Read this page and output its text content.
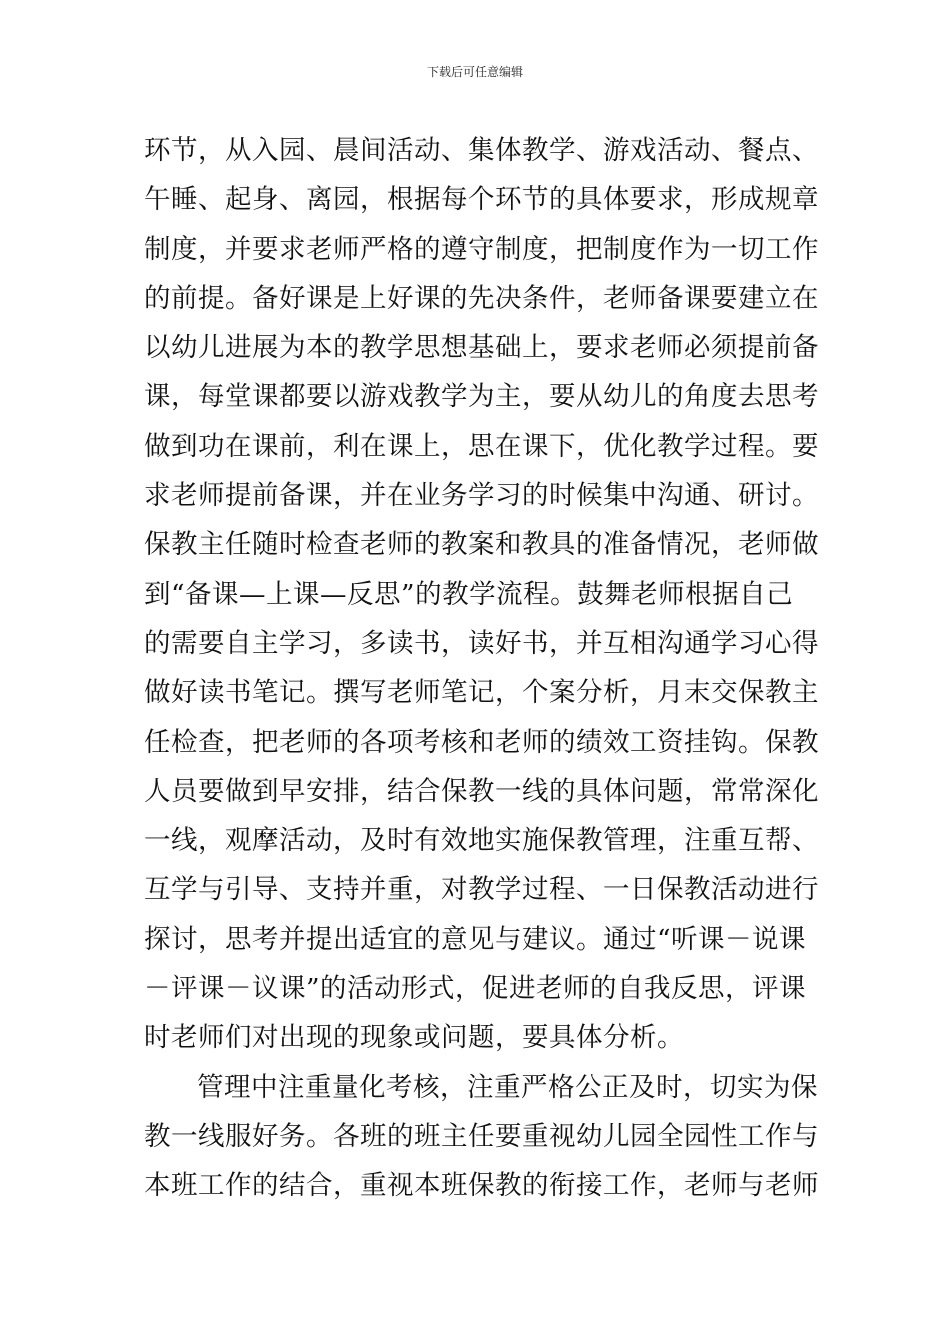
下载后可任意编辑
环节，从入园、晨间活动、集体教学、游戏活动、餐点、
午睡、起身、离园，根据每个环节的具体要求，形成规章
制度，并要求老师严格的遵守制度，把制度作为一切工作
的前提。备好课是上好课的先决条件，老师备课要建立在
以幼儿进展为本的教学思想基础上，要求老师必须提前备
课，每堂课都要以游戏教学为主，要从幼儿的角度去思考
做到功在课前，利在课上，思在课下，优化教学过程。要
求老师提前备课，并在业务学习的时候集中沟通、研讨。
保教主任随时检查老师的教案和教具的准备情况，老师做
到“备课—上课—反思”的教学流程。鼓舞老师根据自己
的需要自主学习，多读书，读好书，并互相沟通学习心得
做好读书笔记。撰写老师笔记，个案分析，月末交保教主
任检查，把老师的各项考核和老师的绩效工资挂钩。保教
人员要做到早安排，结合保教一线的具体问题，常常深化
一线，观摩活动，及时有效地实施保教管理，注重互帮、
互学与引导、支持并重，对教学过程、一日保教活动进行
探讨，思考并提出适宜的意见与建议。通过“听课－说课
－评课－议课”的活动形式，促进老师的自我反思，评课
时老师们对出现的现象或问题，要具体分析。
管理中注重量化考核，注重严格公正及时，切实为保
教一线服好务。各班的班主任要重视幼儿园全园性工作与
本班工作的结合，重视本班保教的衔接工作，老师与老师
